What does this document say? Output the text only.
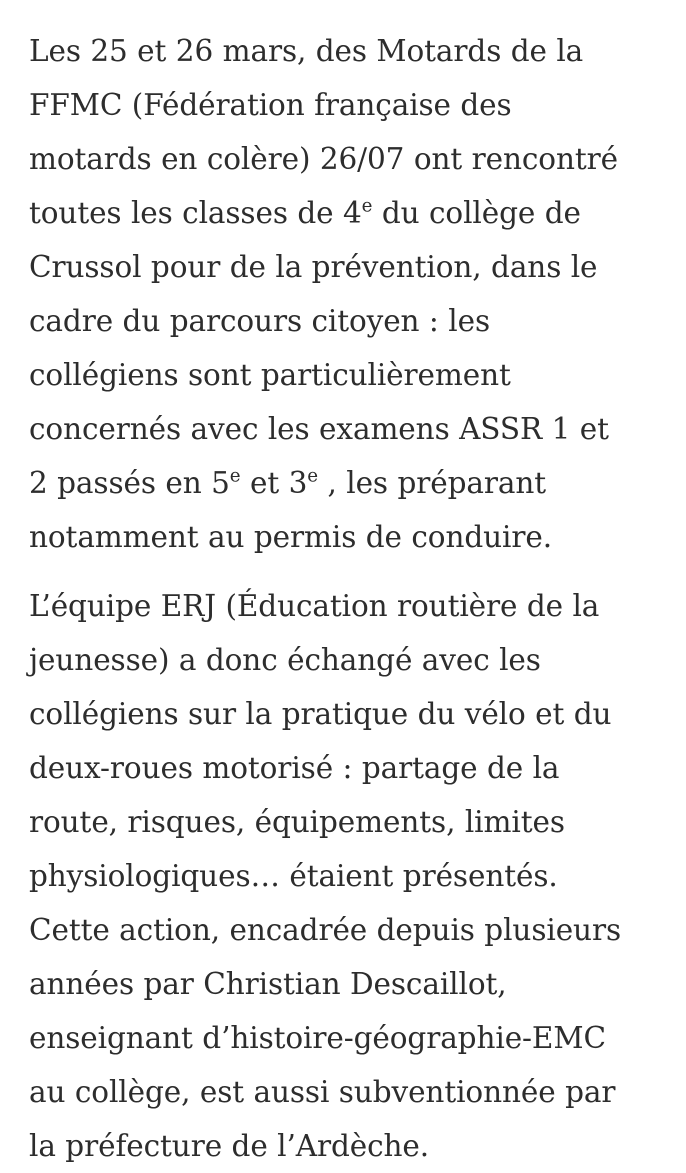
Les 25 et 26 mars, des Motards de la FFMC (Fédération française des motards en colère) 26/07 ont rencontré toutes les classes de 4e du collège de Crussol pour de la prévention, dans le cadre du parcours citoyen : les collégiens sont particulièrement concernés avec les examens ASSR 1 et 2 passés en 5e et 3e , les préparant notamment au permis de conduire.

L’équipe ERJ (Éducation routière de la jeunesse) a donc échangé avec les collégiens sur la pratique du vélo et du deux-roues motorisé : partage de la route, risques, équipements, limites physiologiques… étaient présentés. Cette action, encadrée depuis plusieurs années par Christian Descaillot, enseignant d’histoire-géographie-EMC au collège, est aussi subventionnée par la préfecture de l’Ardèche.
